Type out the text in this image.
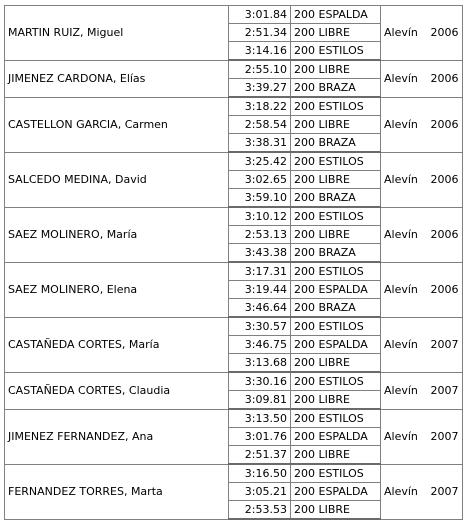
MARTIN RUIZ, Miguel	3:01.84	200 ESPALDA	Alevín	2006
	2:51.34	200 LIBRE		
	3:14.16	200 ESTILOS		
JIMENEZ CARDONA, Elías	2:55.10	200 LIBRE	Alevín	2006
	3:39.27	200 BRAZA		
CASTELLON GARCIA, Carmen	3:18.22	200 ESTILOS	Alevín	2006
	2:58.54	200 LIBRE		
	3:38.31	200 BRAZA		
SALCEDO MEDINA, David	3:25.42	200 ESTILOS	Alevín	2006
	3:02.65	200 LIBRE		
	3:59.10	200 BRAZA		
SAEZ MOLINERO, María	3:10.12	200 ESTILOS	Alevín	2006
	2:53.13	200 LIBRE		
	3:43.38	200 BRAZA		
SAEZ MOLINERO, Elena	3:17.31	200 ESTILOS	Alevín	2006
	3:19.44	200 ESPALDA		
	3:46.64	200 BRAZA		
CASTAÑEDA CORTES, María	3:30.57	200 ESTILOS	Alevín	2007
	3:46.75	200 ESPALDA		
	3:13.68	200 LIBRE		
CASTAÑEDA CORTES, Claudia	3:30.16	200 ESTILOS	Alevín	2007
	3:09.81	200 LIBRE		
JIMENEZ FERNANDEZ, Ana	3:13.50	200 ESTILOS	Alevín	2007
	3:01.76	200 ESPALDA		
	2:51.37	200 LIBRE		
FERNANDEZ TORRES, Marta	3:16.50	200 ESTILOS	Alevín	2007
	3:05.21	200 ESPALDA		
	2:53.53	200 LIBRE		
